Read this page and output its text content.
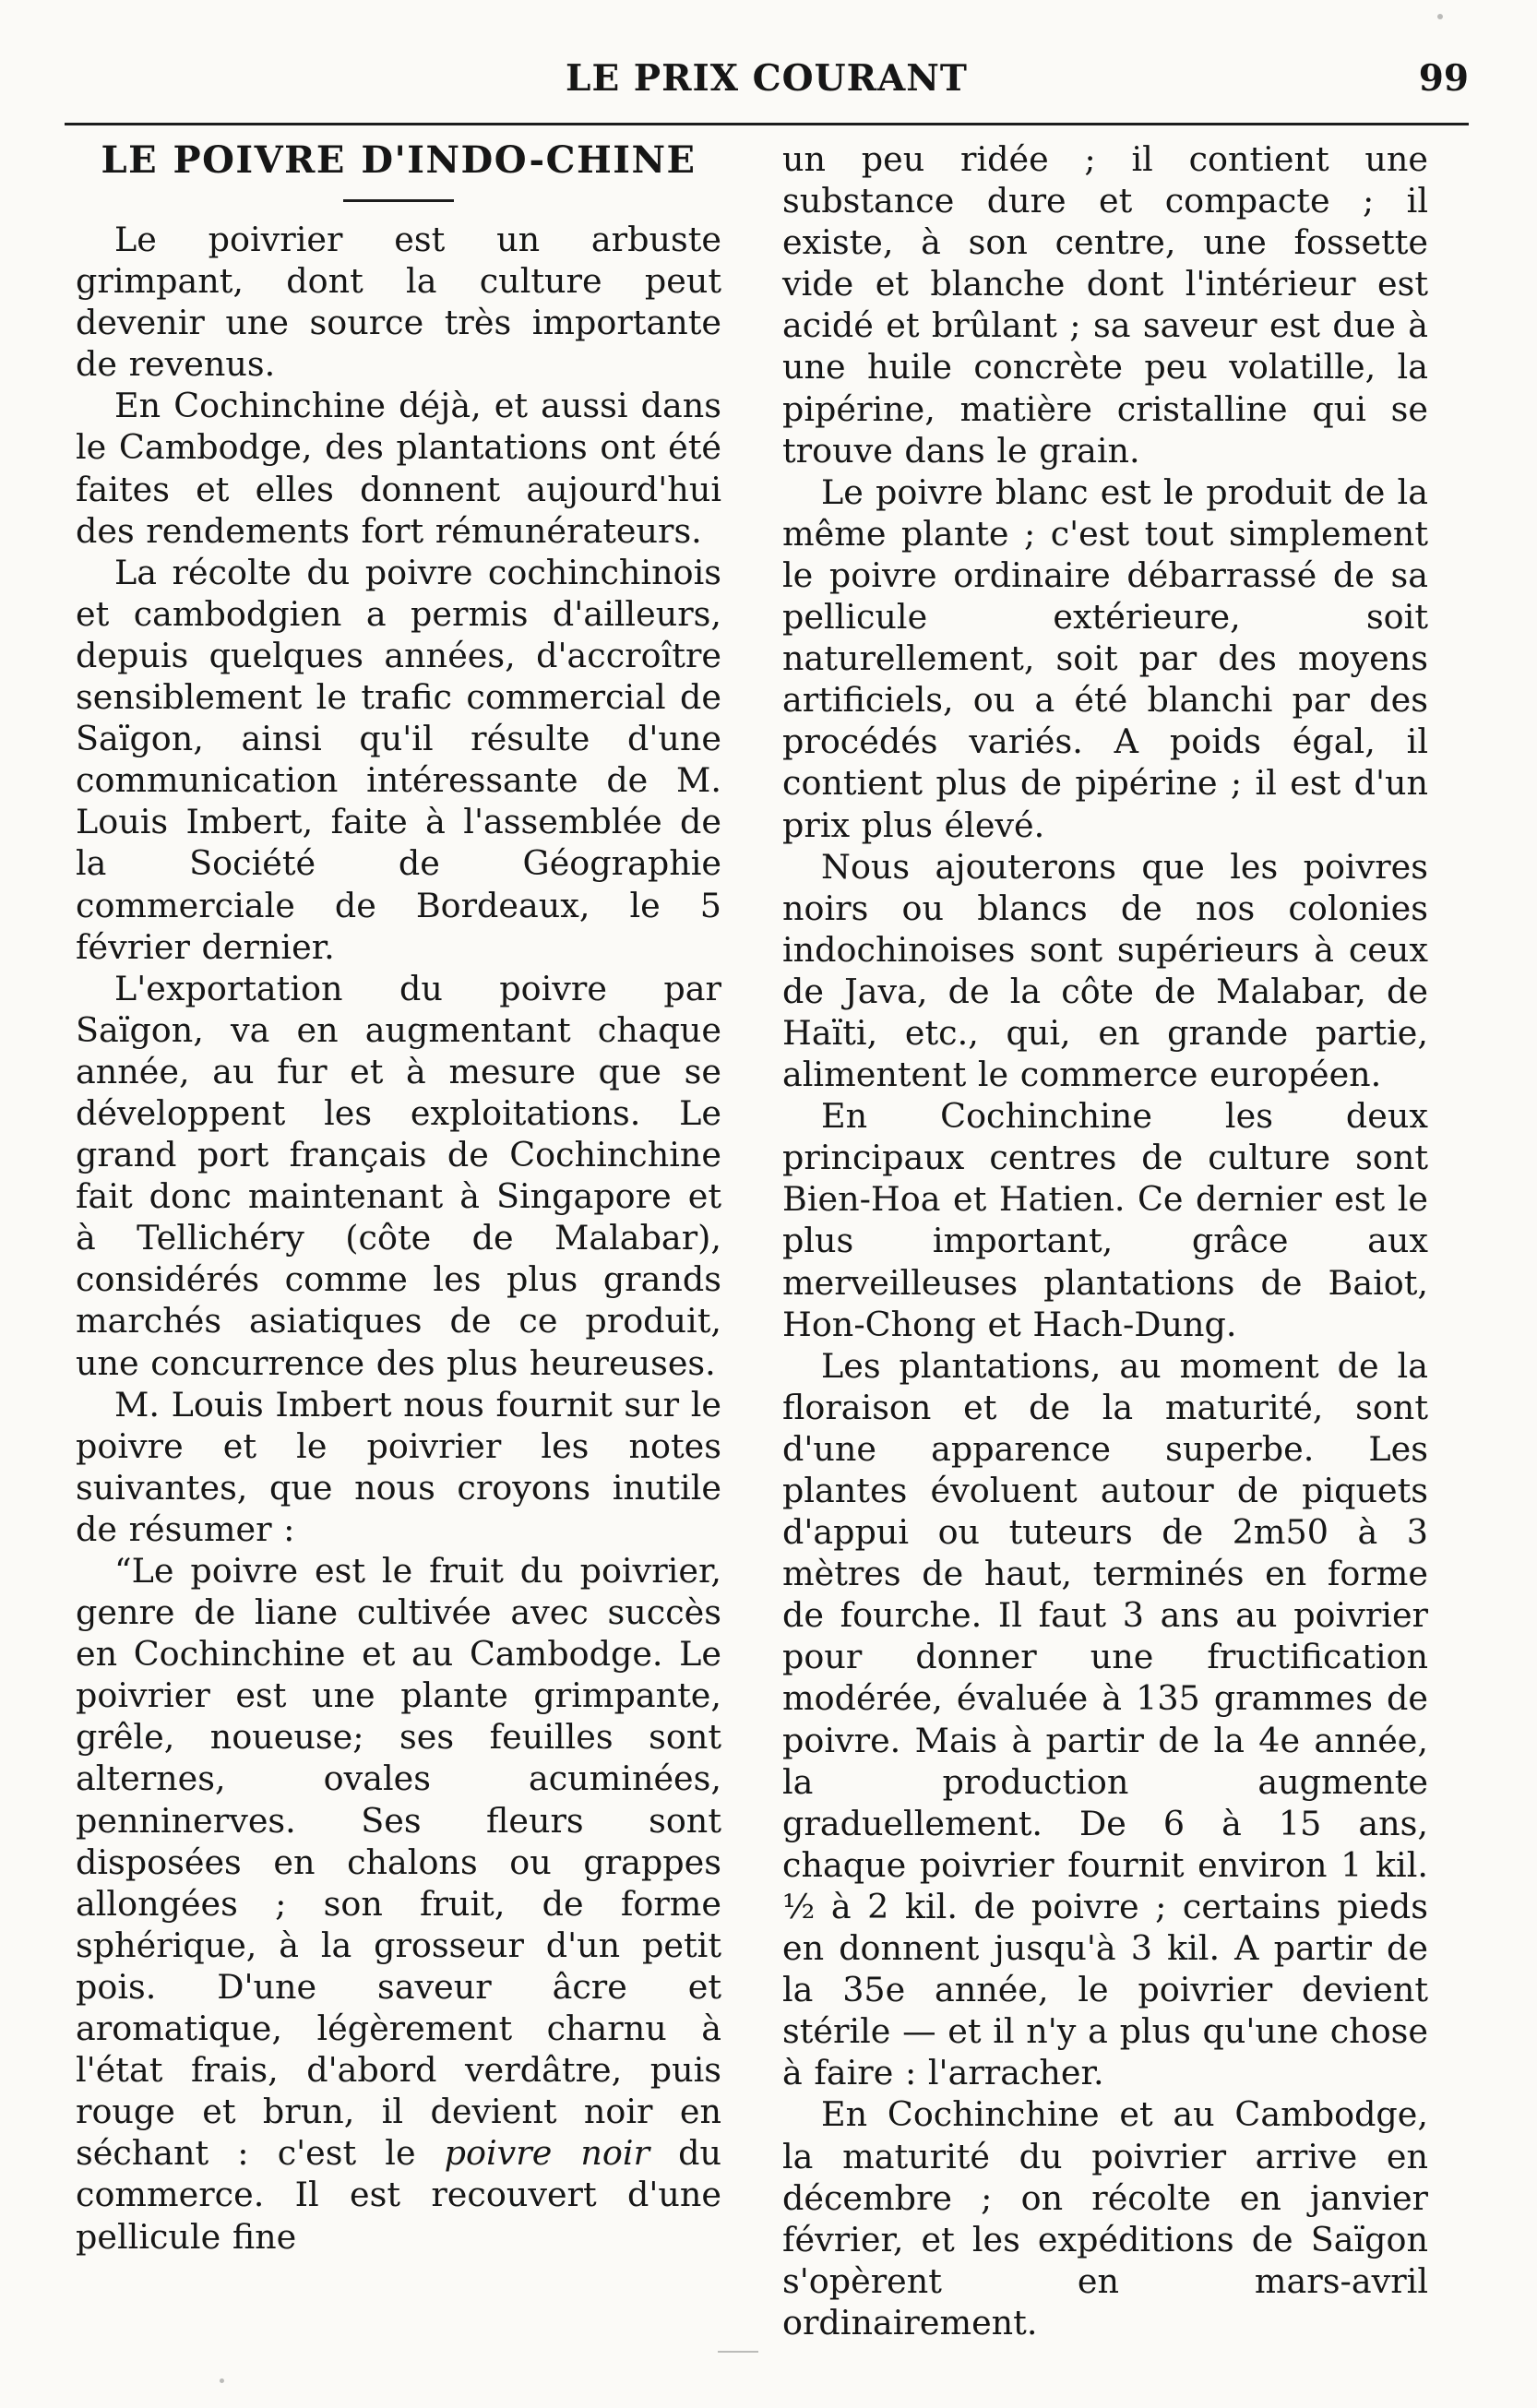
LE PRIX COURANT	99
LE POIVRE D'INDO-CHINE

Le poivrier est un arbuste grimpant, dont la culture peut devenir une source très importante de revenus.

En Cochinchine déjà, et aussi dans le Cambodge, des plantations ont été faites et elles donnent aujourd'hui des rendements fort rémunérateurs.

La récolte du poivre cochinchinois et cambodgien a permis d'ailleurs, depuis quelques années, d'accroître sensiblement le trafic commercial de Saïgon, ainsi qu'il résulte d'une communication intéressante de M. Louis Imbert, faite à l'assemblée de la Société de Géographie commerciale de Bordeaux, le 5 février dernier.

L'exportation du poivre par Saïgon, va en augmentant chaque année, au fur et à mesure que se développent les exploitations. Le grand port français de Cochinchine fait donc maintenant à Singapore et à Tellichéry (côte de Malabar), considérés comme les plus grands marchés asiatiques de ce produit, une concurrence des plus heureuses.

M. Louis Imbert nous fournit sur le poivre et le poivrier les notes suivantes, que nous croyons inutile de résumer :

“Le poivre est le fruit du poivrier, genre de liane cultivée avec succès en Cochinchine et au Cambodge. Le poivrier est une plante grimpante, grêle, noueuse; ses feuilles sont alternes, ovales acuminées, penninerves. Ses fleurs sont disposées en chalons ou grappes allongées ; son fruit, de forme sphérique, à la grosseur d'un petit pois. D'une saveur âcre et aromatique, légèrement charnu à l'état frais, d'abord verdâtre, puis rouge et brun, il devient noir en séchant : c'est le poivre noir du commerce. Il est recouvert d'une pellicule fine

un peu ridée ; il contient une substance dure et compacte ; il existe, à son centre, une fossette vide et blanche dont l'intérieur est acidé et brûlant ; sa saveur est due à une huile concrète peu volatille, la pipérine, matière cristalline qui se trouve dans le grain.

Le poivre blanc est le produit de la même plante ; c'est tout simplement le poivre ordinaire débarrassé de sa pellicule extérieure, soit naturellement, soit par des moyens artificiels, ou a été blanchi par des procédés variés. A poids égal, il contient plus de pipérine ; il est d'un prix plus élevé.

Nous ajouterons que les poivres noirs ou blancs de nos colonies indochinoises sont supérieurs à ceux de Java, de la côte de Malabar, de Haïti, etc., qui, en grande partie, alimentent le commerce européen.

En Cochinchine les deux principaux centres de culture sont Bien-Hoa et Hatien. Ce dernier est le plus important, grâce aux merveilleuses plantations de Baiot, Hon-Chong et Hach-Dung.

Les plantations, au moment de la floraison et de la maturité, sont d'une apparence superbe. Les plantes évoluent autour de piquets d'appui ou tuteurs de 2m50 à 3 mètres de haut, terminés en forme de fourche. Il faut 3 ans au poivrier pour donner une fructification modérée, évaluée à 135 grammes de poivre. Mais à partir de la 4e année, la production augmente graduellement. De 6 à 15 ans, chaque poivrier fournit environ 1 kil. ½ à 2 kil. de poivre ; certains pieds en donnent jusqu'à 3 kil. A partir de la 35e année, le poivrier devient stérile — et il n'y a plus qu'une chose à faire : l'arracher.

En Cochinchine et au Cambodge, la maturité du poivrier arrive en décembre ; on récolte en janvier février, et les expéditions de Saïgon s'opèrent en mars-avril ordinairement.
